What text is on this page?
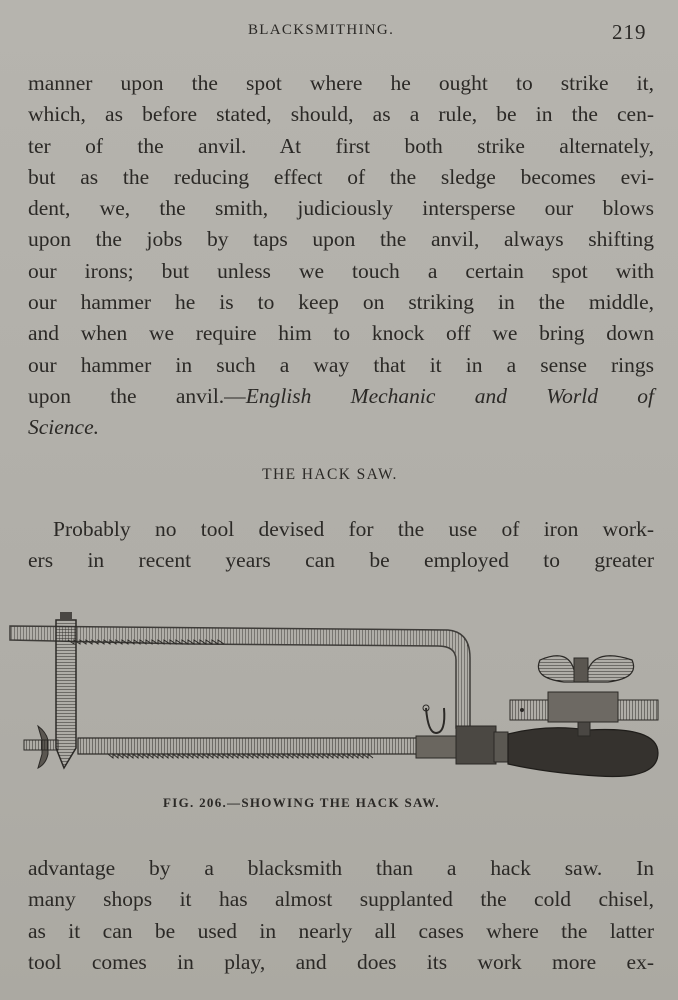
BLACKSMITHING.	219
manner upon the spot where he ought to strike it,
which, as before stated, should, as a rule, be in the cen-
ter of the anvil. At first both strike alternately,
but as the reducing effect of the sledge becomes evi-
dent, we, the smith, judiciously intersperse our blows
upon the jobs by taps upon the anvil, always shifting
our irons; but unless we touch a certain spot with
our hammer he is to keep on striking in the middle,
and when we require him to knock off we bring down
our hammer in such a way that it in a sense rings
upon the anvil.—English Mechanic and World of
Science.
THE HACK SAW.
Probably no tool devised for the use of iron work-
ers in recent years can be employed to greater
FIG. 206.—SHOWING THE HACK SAW.
advantage by a blacksmith than a hack saw. In
many shops it has almost supplanted the cold chisel,
as it can be used in nearly all cases where the latter
tool comes in play, and does its work more ex-
